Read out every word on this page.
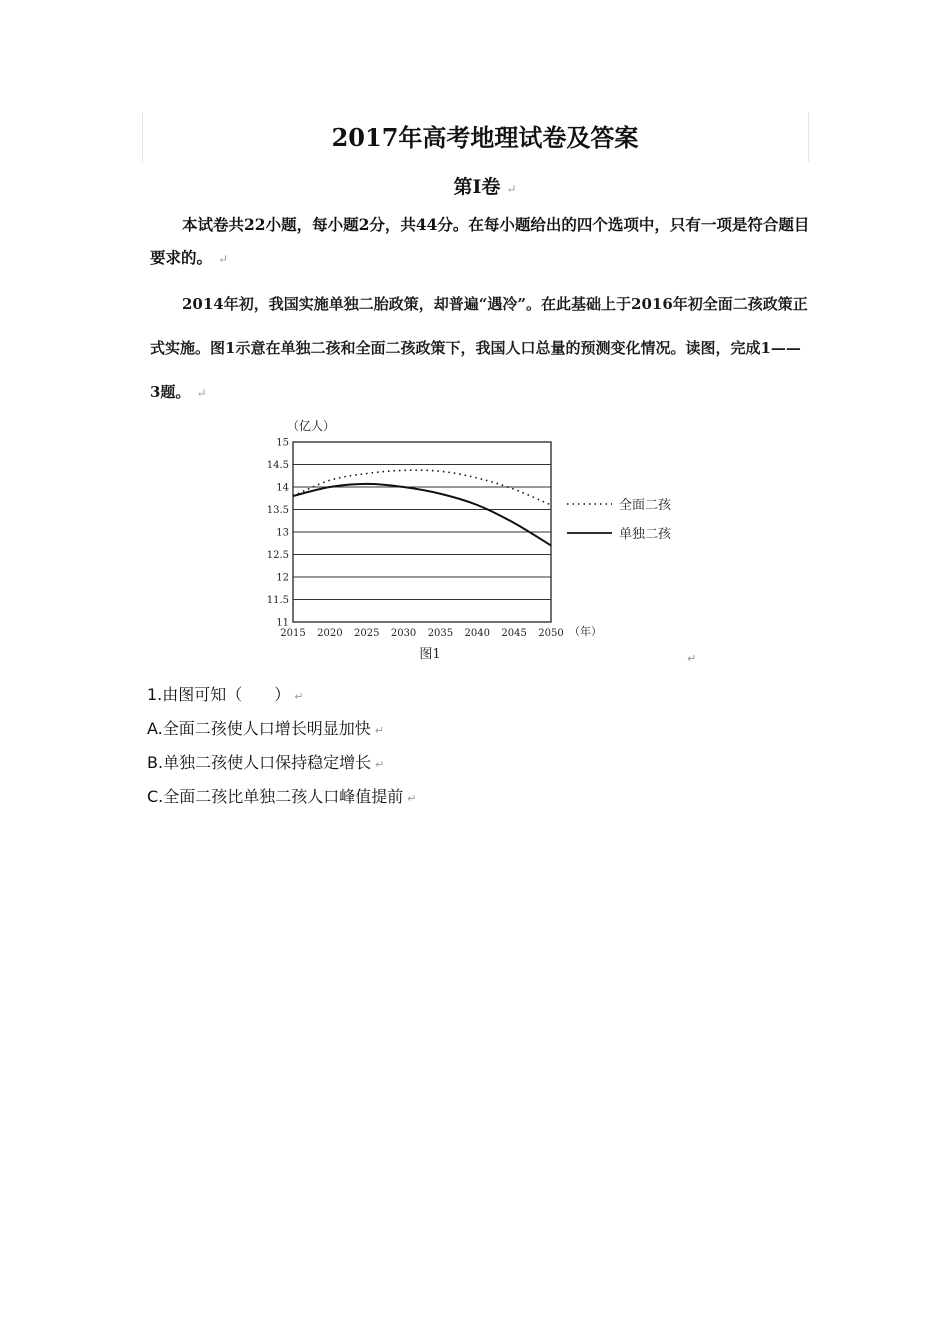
2017年高考地理试卷及答案
第Ⅰ卷 ↵
本试卷共22小题，每小题2分，共44分。在每小题给出的四个选项中，只有一项是符合题目要求的。 ↵
2014年初，我国实施单独二胎政策，却普遍“遇冷”。在此基础上于2016年初全面二孩政策正式实施。图1示意在单独二孩和全面二孩政策下，我国人口总量的预测变化情况。读图，完成1——3题。 ↵
15
14.5
14
13.5
13
12.5
12
11.5
11
2015 2020 2025 2030 2035 2040 2045 2050
（亿人）
（年）
全面二孩
单独二孩
图1	↵
1.由图可知（　　） ↵
A.全面二孩使人口增长明显加快 ↵
B.单独二孩使人口保持稳定增长 ↵
C.全面二孩比单独二孩人口峰值提前 ↵
